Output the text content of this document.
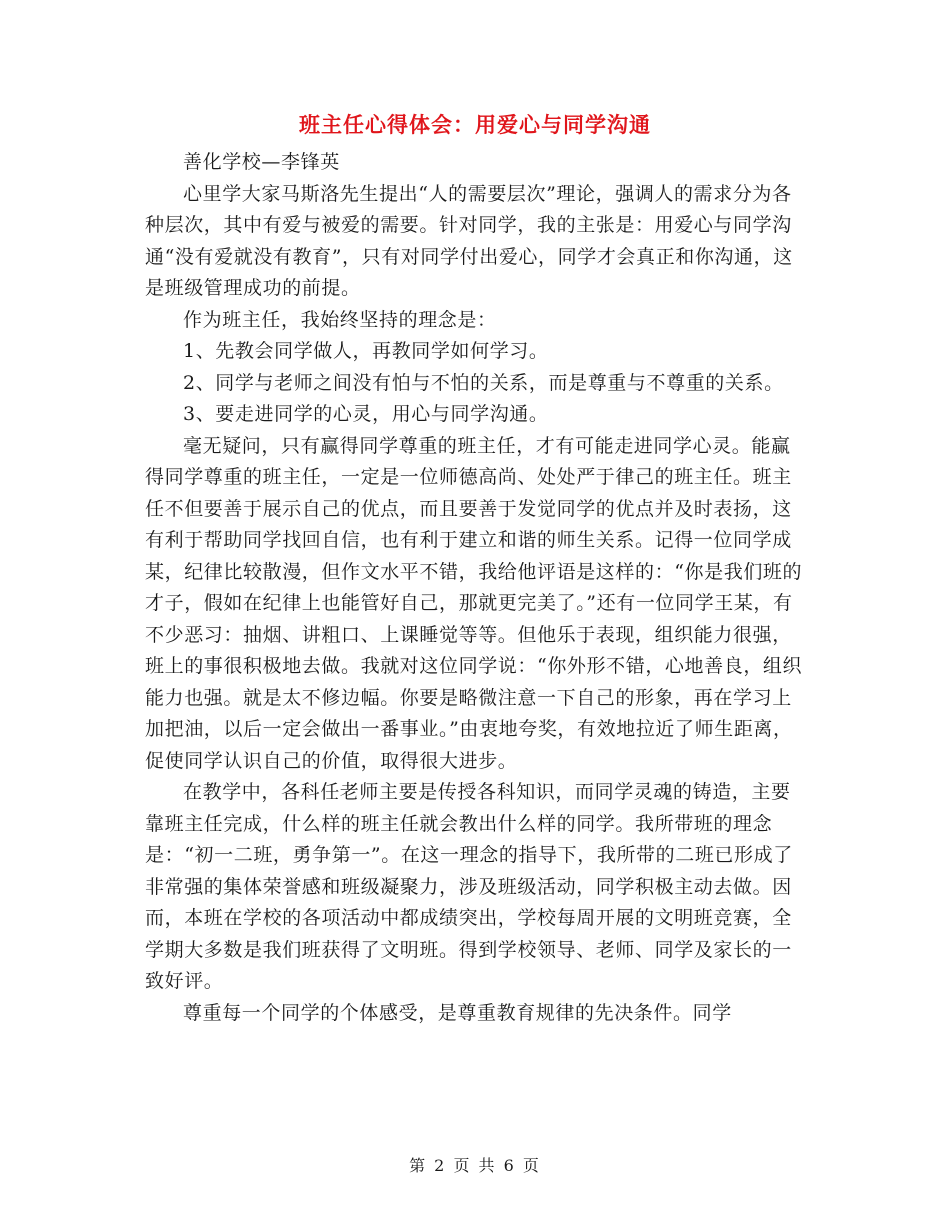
班主任心得体会：用爱心与同学沟通

善化学校—李锋英

心里学大家马斯洛先生提出“人的需要层次”理论，强调人的需求分为各种层次，其中有爱与被爱的需要。针对同学，我的主张是：用爱心与同学沟通“没有爱就没有教育”，只有对同学付出爱心，同学才会真正和你沟通，这是班级管理成功的前提。

作为班主任，我始终坚持的理念是：

1、先教会同学做人，再教同学如何学习。

2、同学与老师之间没有怕与不怕的关系，而是尊重与不尊重的关系。

3、要走进同学的心灵，用心与同学沟通。

毫无疑问，只有赢得同学尊重的班主任，才有可能走进同学心灵。能赢得同学尊重的班主任，一定是一位师德高尚、处处严于律己的班主任。班主任不但要善于展示自己的优点，而且要善于发觉同学的优点并及时表扬，这有利于帮助同学找回自信，也有利于建立和谐的师生关系。记得一位同学成某，纪律比较散漫，但作文水平不错，我给他评语是这样的：“你是我们班的才子，假如在纪律上也能管好自己，那就更完美了。”还有一位同学王某，有不少恶习：抽烟、讲粗口、上课睡觉等等。但他乐于表现，组织能力很强，班上的事很积极地去做。我就对这位同学说：“你外形不错，心地善良，组织能力也强。就是太不修边幅。你要是略微注意一下自己的形象，再在学习上加把油，以后一定会做出一番事业。”由衷地夸奖，有效地拉近了师生距离，促使同学认识自己的价值，取得很大进步。

在教学中，各科任老师主要是传授各科知识，而同学灵魂的铸造，主要靠班主任完成，什么样的班主任就会教出什么样的同学。我所带班的理念是：“初一二班，勇争第一”。在这一理念的指导下，我所带的二班已形成了非常强的集体荣誉感和班级凝聚力，涉及班级活动，同学积极主动去做。因而，本班在学校的各项活动中都成绩突出，学校每周开展的文明班竞赛，全学期大多数是我们班获得了文明班。得到学校领导、老师、同学及家长的一致好评。

尊重每一个同学的个体感受，是尊重教育规律的先决条件。同学

第 2 页 共 6 页
